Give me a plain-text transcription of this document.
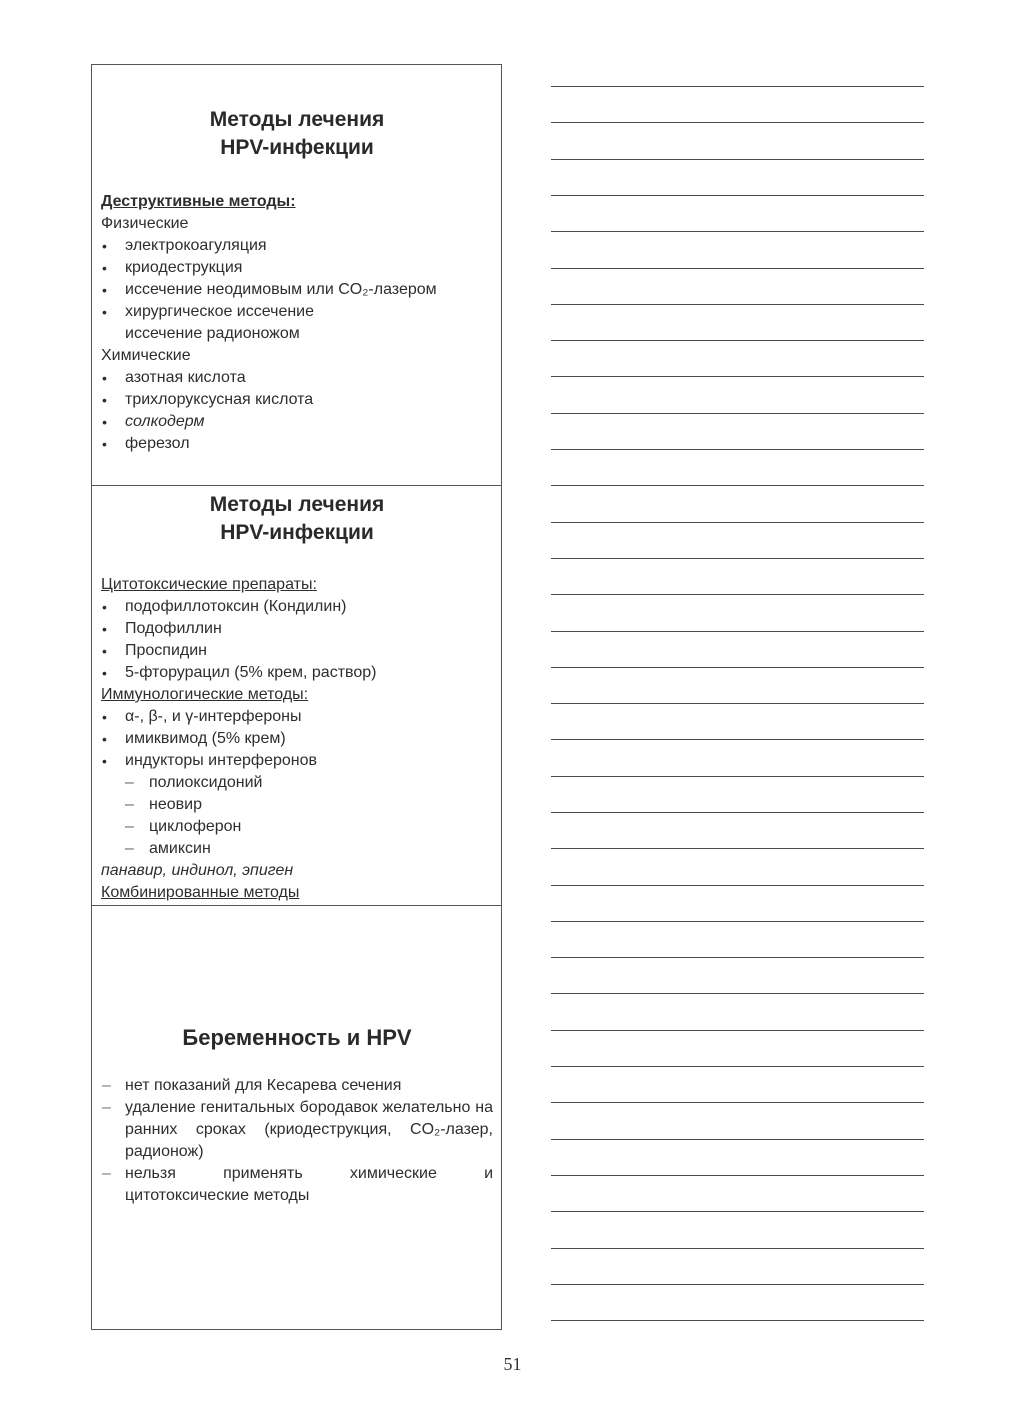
Методы лечения
HPV-инфекции
Деструктивные методы:
Физические
• электрокоагуляция
• криодеструкция
• иссечение неодимовым или CO₂-лазером
• хирургическое иссечение
иссечение радионожом
Химические
• азотная кислота
• трихлоруксусная кислота
• солкодерм
• ферезол
Методы лечения
HPV-инфекции
Цитотоксические препараты:
• подофиллотоксин (Кондилин)
• Подофиллин
• Проспидин
• 5-фторурацил (5% крем, раствор)
Иммунологические методы:
• α-, β-, и γ-интерфероны
• имиквимод (5% крем)
• индукторы интерферонов
– полиоксидоний
– неовир
– циклоферон
– амиксин
панавир, индинол, эпиген
Комбинированные методы
Беременность и HPV
– нет показаний для Кесарева сечения
– удаление генитальных бородавок желательно на ранних сроках (криодеструкция, CO₂-лазер, радионож)
– нельзя применять химические и цитотоксические методы
51
